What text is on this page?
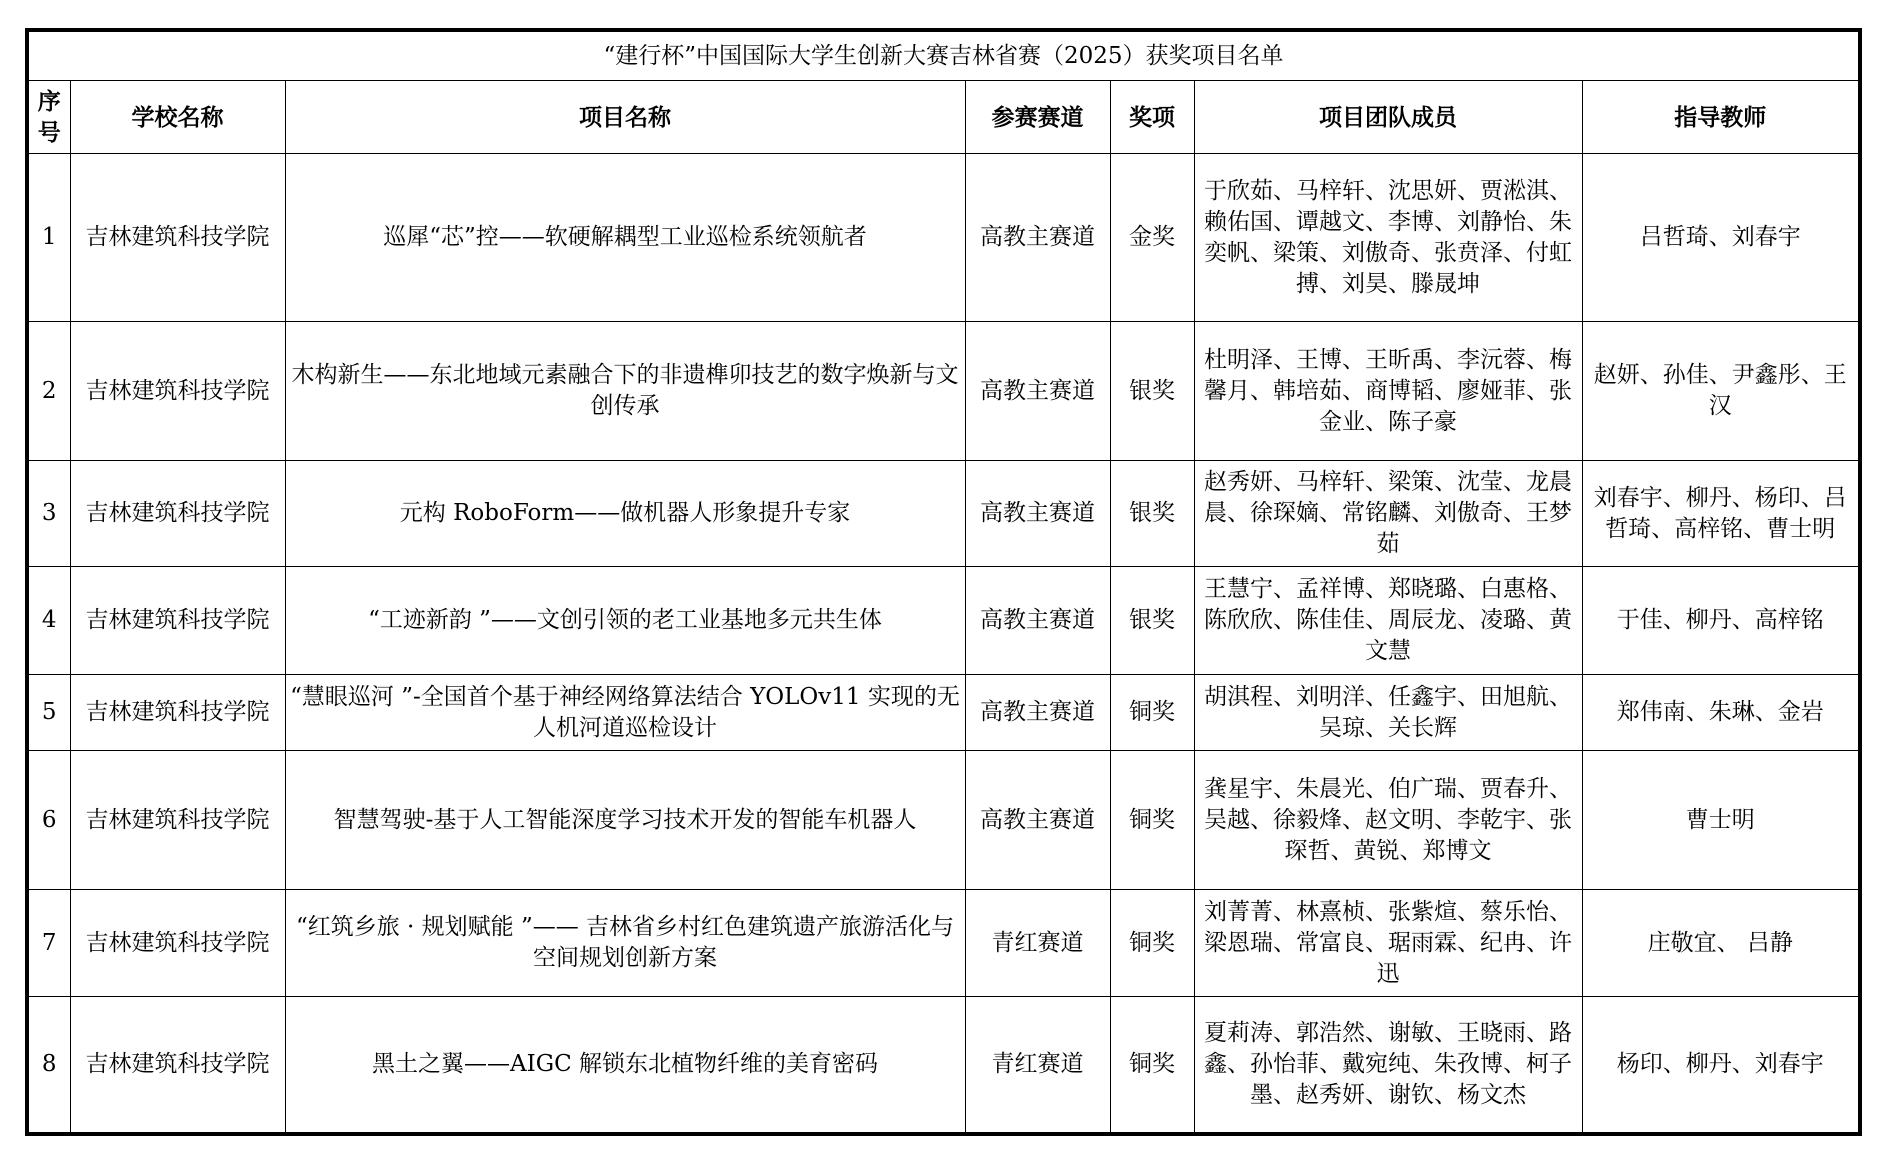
“建行杯”中国国际大学生创新大赛吉林省赛（2025）获奖项目名单						
序号	学校名称	项目名称	参赛赛道	奖项	项目团队成员	指导教师
1	吉林建筑科技学院	巡犀“芯”控——软硬解耦型工业巡检系统领航者	高教主赛道	金奖	于欣茹、马梓轩、沈思妍、贾淞淇、赖佑国、谭越文、李博、刘静怡、朱奕帆、梁策、刘傲奇、张贲泽、付虹搏、刘昊、滕晟坤	吕哲琦、刘春宇
2	吉林建筑科技学院	木构新生——东北地域元素融合下的非遗榫卯技艺的数字焕新与文创传承	高教主赛道	银奖	杜明泽、王博、王昕禹、李沅蓉、梅馨月、韩培茹、商博韬、廖娅菲、张金业、陈子豪	赵妍、孙佳、尹鑫彤、王汉
3	吉林建筑科技学院	元构 RoboForm——做机器人形象提升专家	高教主赛道	银奖	赵秀妍、马梓轩、梁策、沈莹、龙晨晨、徐琛嫡、常铭麟、刘傲奇、王梦茹	刘春宇、柳丹、杨印、吕哲琦、高梓铭、曹士明
4	吉林建筑科技学院	“工迹新韵 ”——文创引领的老工业基地多元共生体	高教主赛道	银奖	王慧宁、孟祥博、郑晓璐、白惠格、陈欣欣、陈佳佳、周辰龙、凌璐、黄文慧	于佳、柳丹、高梓铭
5	吉林建筑科技学院	“慧眼巡河 ”-全国首个基于神经网络算法结合 YOLOv11 实现的无人机河道巡检设计	高教主赛道	铜奖	胡淇程、刘明洋、任鑫宇、田旭航、吴琼、关长辉	郑伟南、朱琳、金岩
6	吉林建筑科技学院	智慧驾驶-基于人工智能深度学习技术开发的智能车机器人	高教主赛道	铜奖	龚星宇、朱晨光、伯广瑞、贾春升、吴越、徐毅烽、赵文明、李乾宇、张琛哲、黄锐、郑博文	曹士明
7	吉林建筑科技学院	“红筑乡旅 · 规划赋能 ”—— 吉林省乡村红色建筑遗产旅游活化与空间规划创新方案	青红赛道	铜奖	刘菁菁、林熹桢、张紫煊、蔡乐怡、梁恩瑞、常富良、琚雨霖、纪冉、许迅	庄敬宜、 吕静
8	吉林建筑科技学院	黑土之翼——AIGC 解锁东北植物纤维的美育密码	青红赛道	铜奖	夏莉涛、郭浩然、谢敏、王晓雨、路鑫、孙怡菲、戴宛纯、朱孜博、柯子墨、赵秀妍、谢钦、杨文杰	杨印、柳丹、刘春宇
